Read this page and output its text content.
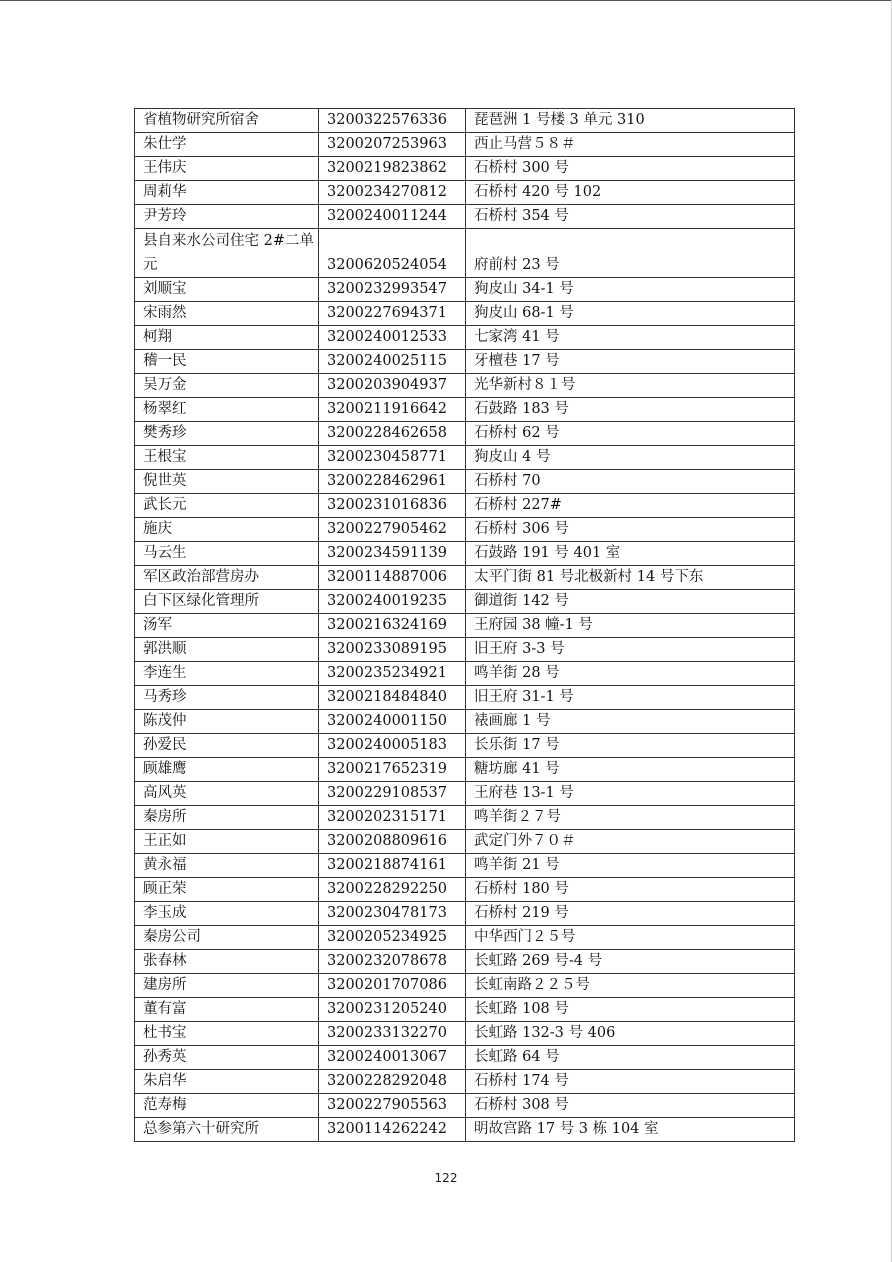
省植物研究所宿舍	3200322576336	琵琶洲 1 号楼 3 单元 310
朱仕学	3200207253963	西止马营５８＃
王伟庆	3200219823862	石桥村 300 号
周莉华	3200234270812	石桥村 420 号 102
尹芳玲	3200240011244	石桥村 354 号
县自来水公司住宅 2#二单元	3200620524054	府前村 23 号
刘顺宝	3200232993547	狗皮山 34-1 号
宋雨然	3200227694371	狗皮山 68-1 号
柯翔	3200240012533	七家湾 41 号
稽一民	3200240025115	牙檀巷 17 号
吴万金	3200203904937	光华新村８１号
杨翠红	3200211916642	石鼓路 183 号
樊秀珍	3200228462658	石桥村 62 号
王根宝	3200230458771	狗皮山 4 号
倪世英	3200228462961	石桥村 70
武长元	3200231016836	石桥村 227#
施庆	3200227905462	石桥村 306 号
马云生	3200234591139	石鼓路 191 号 401 室
军区政治部营房办	3200114887006	太平门街 81 号北极新村 14 号下东
白下区绿化管理所	3200240019235	御道街 142 号
汤军	3200216324169	王府园 38 幢-1 号
郭洪顺	3200233089195	旧王府 3-3 号
李连生	3200235234921	鸣羊街 28 号
马秀珍	3200218484840	旧王府 31-1 号
陈茂仲	3200240001150	裱画廊 1 号
孙爱民	3200240005183	长乐街 17 号
顾雄鹰	3200217652319	糖坊廊 41 号
高风英	3200229108537	王府巷 13-1 号
秦房所	3200202315171	鸣羊街２７号
王正如	3200208809616	武定门外７０＃
黄永福	3200218874161	鸣羊街 21 号
顾正荣	3200228292250	石桥村 180 号
李玉成	3200230478173	石桥村 219 号
秦房公司	3200205234925	中华西门２５号
张春林	3200232078678	长虹路 269 号-4 号
建房所	3200201707086	长虹南路２２５号
董有富	3200231205240	长虹路 108 号
杜书宝	3200233132270	长虹路 132-3 号 406
孙秀英	3200240013067	长虹路 64 号
朱启华	3200228292048	石桥村 174 号
范寿梅	3200227905563	石桥村 308 号
总参第六十研究所	3200114262242	明故宫路 17 号 3 栋 104 室
122
